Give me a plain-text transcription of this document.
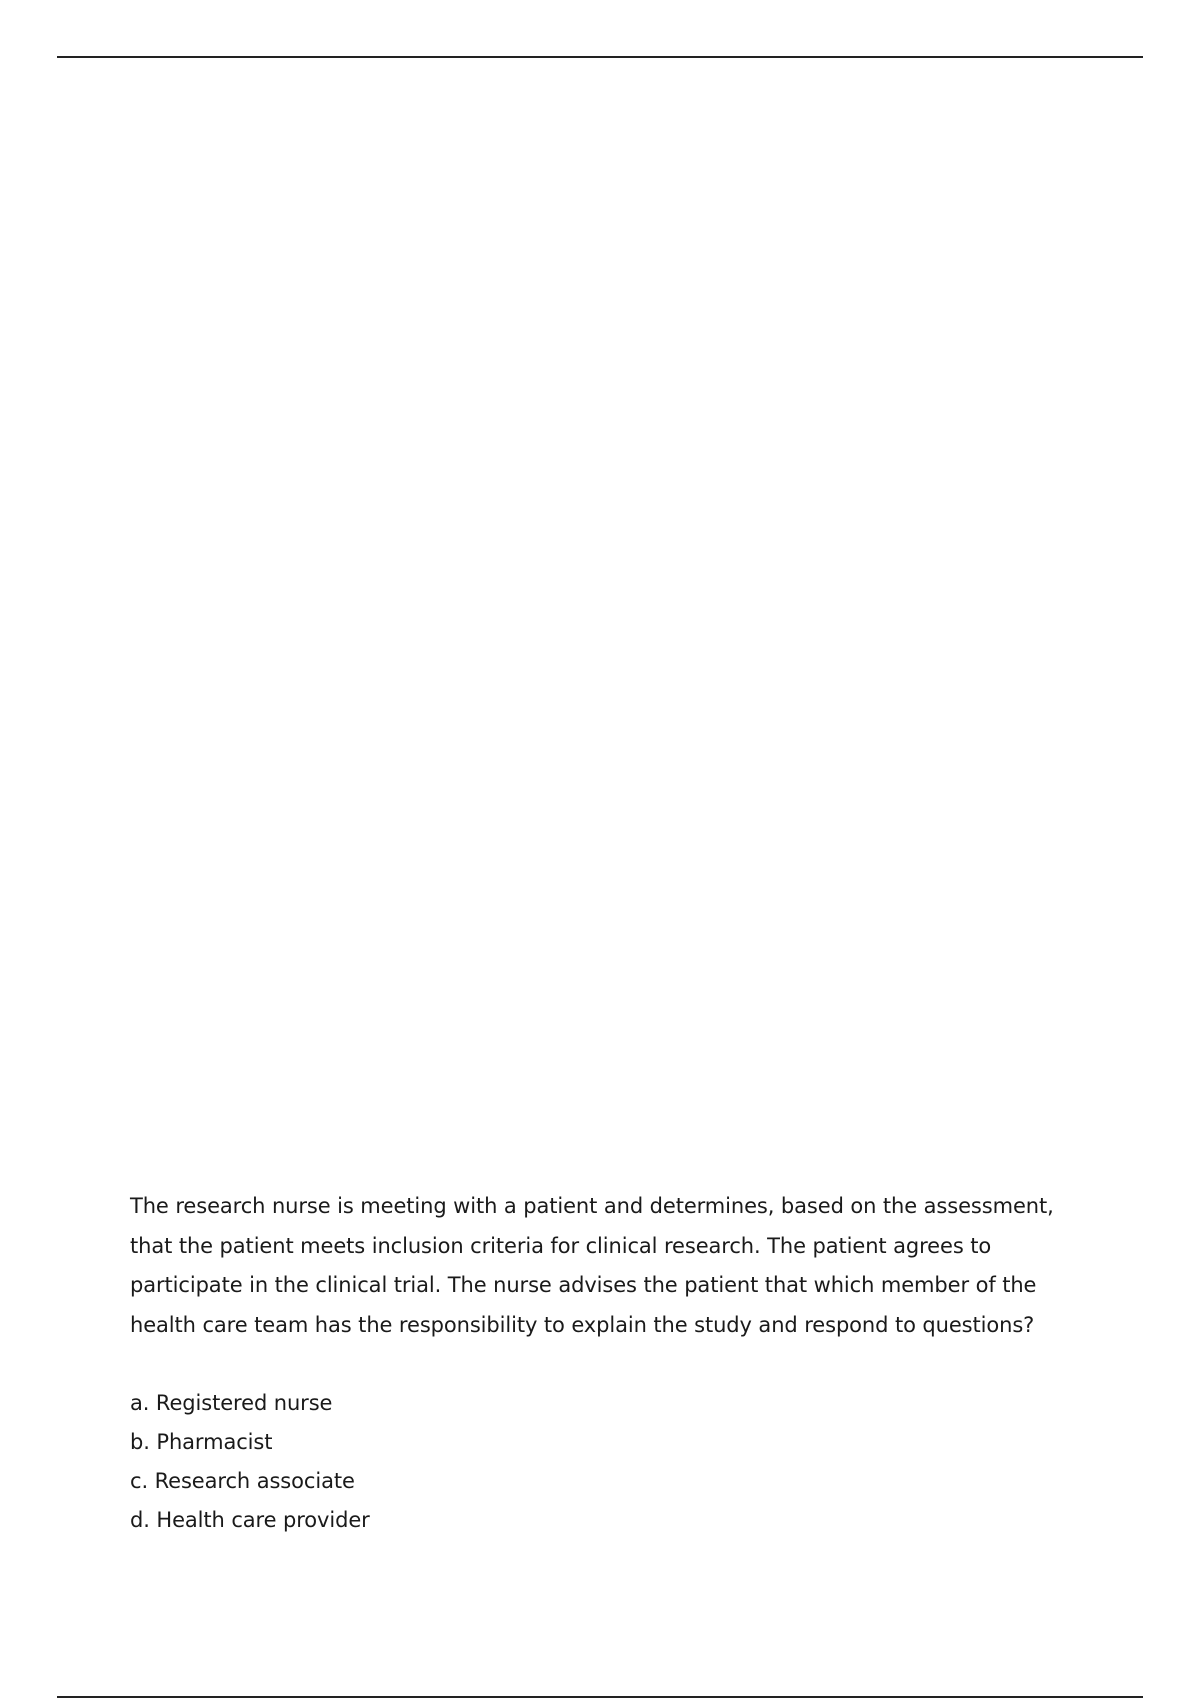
The research nurse is meeting with a patient and determines, based on the assessment, that the patient meets inclusion criteria for clinical research. The patient agrees to participate in the clinical trial. The nurse advises the patient that which member of the health care team has the responsibility to explain the study and respond to questions?

a. Registered nurse
b. Pharmacist
c. Research associate
d. Health care provider
